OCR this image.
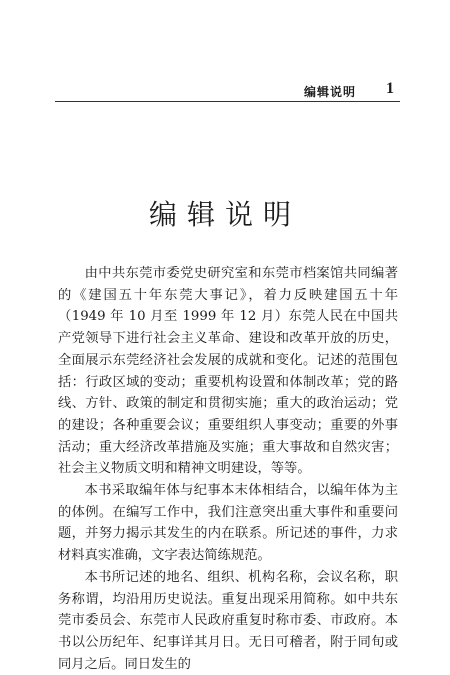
编辑说明 1
编辑说明

由中共东莞市委党史研究室和东莞市档案馆共同编著的《建国五十年东莞大事记》，着力反映建国五十年（1949 年 10 月至 1999 年 12 月）东莞人民在中国共产党领导下进行社会主义革命、建设和改革开放的历史，全面展示东莞经济社会发展的成就和变化。记述的范围包括：行政区域的变动；重要机构设置和体制改革；党的路线、方针、政策的制定和贯彻实施；重大的政治运动；党的建设；各种重要会议；重要组织人事变动；重要的外事活动；重大经济改革措施及实施；重大事故和自然灾害；社会主义物质文明和精神文明建设，等等。

本书采取编年体与纪事本末体相结合，以编年体为主的体例。在编写工作中，我们注意突出重大事件和重要问题，并努力揭示其发生的内在联系。所记述的事件，力求材料真实准确，文字表达简练规范。

本书所记述的地名、组织、机构名称，会议名称，职务称谓，均沿用历史说法。重复出现采用简称。如中共东莞市委员会、东莞市人民政府重复时称市委、市政府。本书以公历纪年、纪事详其月日。无日可稽者，附于同旬或同月之后。同日发生的
